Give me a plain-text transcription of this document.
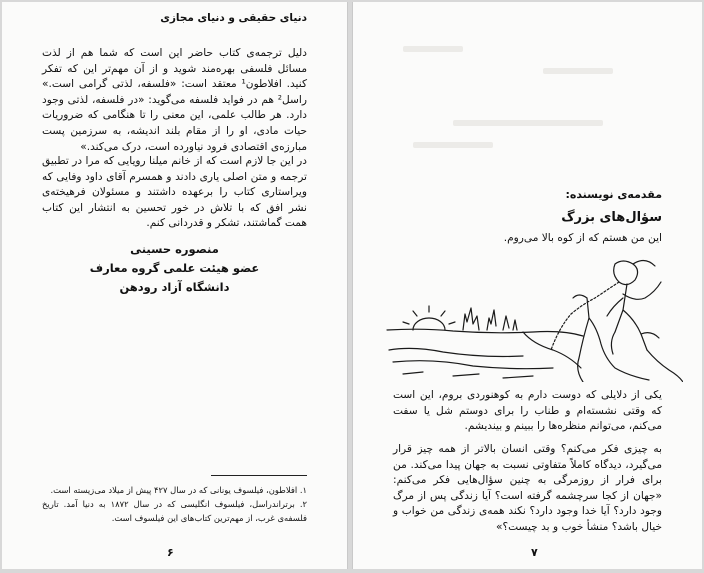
دنیای حقیقی و دنیای مجازی

دلیل ترجمه‌ی کتاب حاضر این است که شما هم از لذت مسائل فلسفی بهره‌مند شوید و از آن مهم‌تر این که تفکر کنید. افلاطون¹ معتقد است: «فلسفه، لذتی گرامی است.» راسل² هم در فواید فلسفه می‌گوید: «در فلسفه، لذتی وجود دارد. هر طالب علمی، این معنی را تا هنگامی که ضروریات حیات مادی، او را از مقام بلند اندیشه، به سرزمین پست مبارزه‌ی اقتصادی فرود نیاورده است، درک می‌کند.»

در این جا لازم است که از خانم میلنا رویایی که مرا در تطبیق ترجمه و متن اصلی یاری دادند و همسرم آقای داود وفایی که ویراستاری کتاب را برعهده داشتند و مسئولان فرهیخته‌ی نشر افق که با تلاش در خور تحسین به انتشار این کتاب همت گماشتند، تشکر و قدردانی کنم.

منصوره حسینی
عضو هیئت علمی گروه معارف
دانشگاه آزاد رودهن

۱. افلاطون، فیلسوف یونانی که در سال ۴۲۷ پیش از میلاد می‌زیسته است.

۲. برتراندراسل، فیلسوف انگلیسی که در سال ۱۸۷۲ به دنیا آمد. تاریخ فلسفه‌ی غرب، از مهم‌ترین کتاب‌های این فیلسوف است.

۶
مقدمه‌ی نویسنده:
سؤال‌های بزرگ
این من هستم که از کوه بالا می‌روم.

یکی از دلایلی که دوست دارم به کوهنوردی بروم، این است که وقتی نشسته‌ام و طناب را برای دوستم شل یا سفت می‌کنم، می‌توانم منظره‌ها را ببینم و بیندیشم.

به چیزی فکر می‌کنم؟ وقتی انسان بالاتر از همه چیز قرار می‌گیرد، دیدگاه کاملاً متفاوتی نسبت به جهان پیدا می‌کند. من برای فرار از روزمرگی به چنین سؤال‌هایی فکر می‌کنم: «جهان از کجا سرچشمه گرفته است؟ آیا زندگی پس از مرگ وجود دارد؟ آیا خدا وجود دارد؟ نکند همه‌ی زندگی من خواب و خیال باشد؟ منشأ خوب و بد چیست؟»

۷
